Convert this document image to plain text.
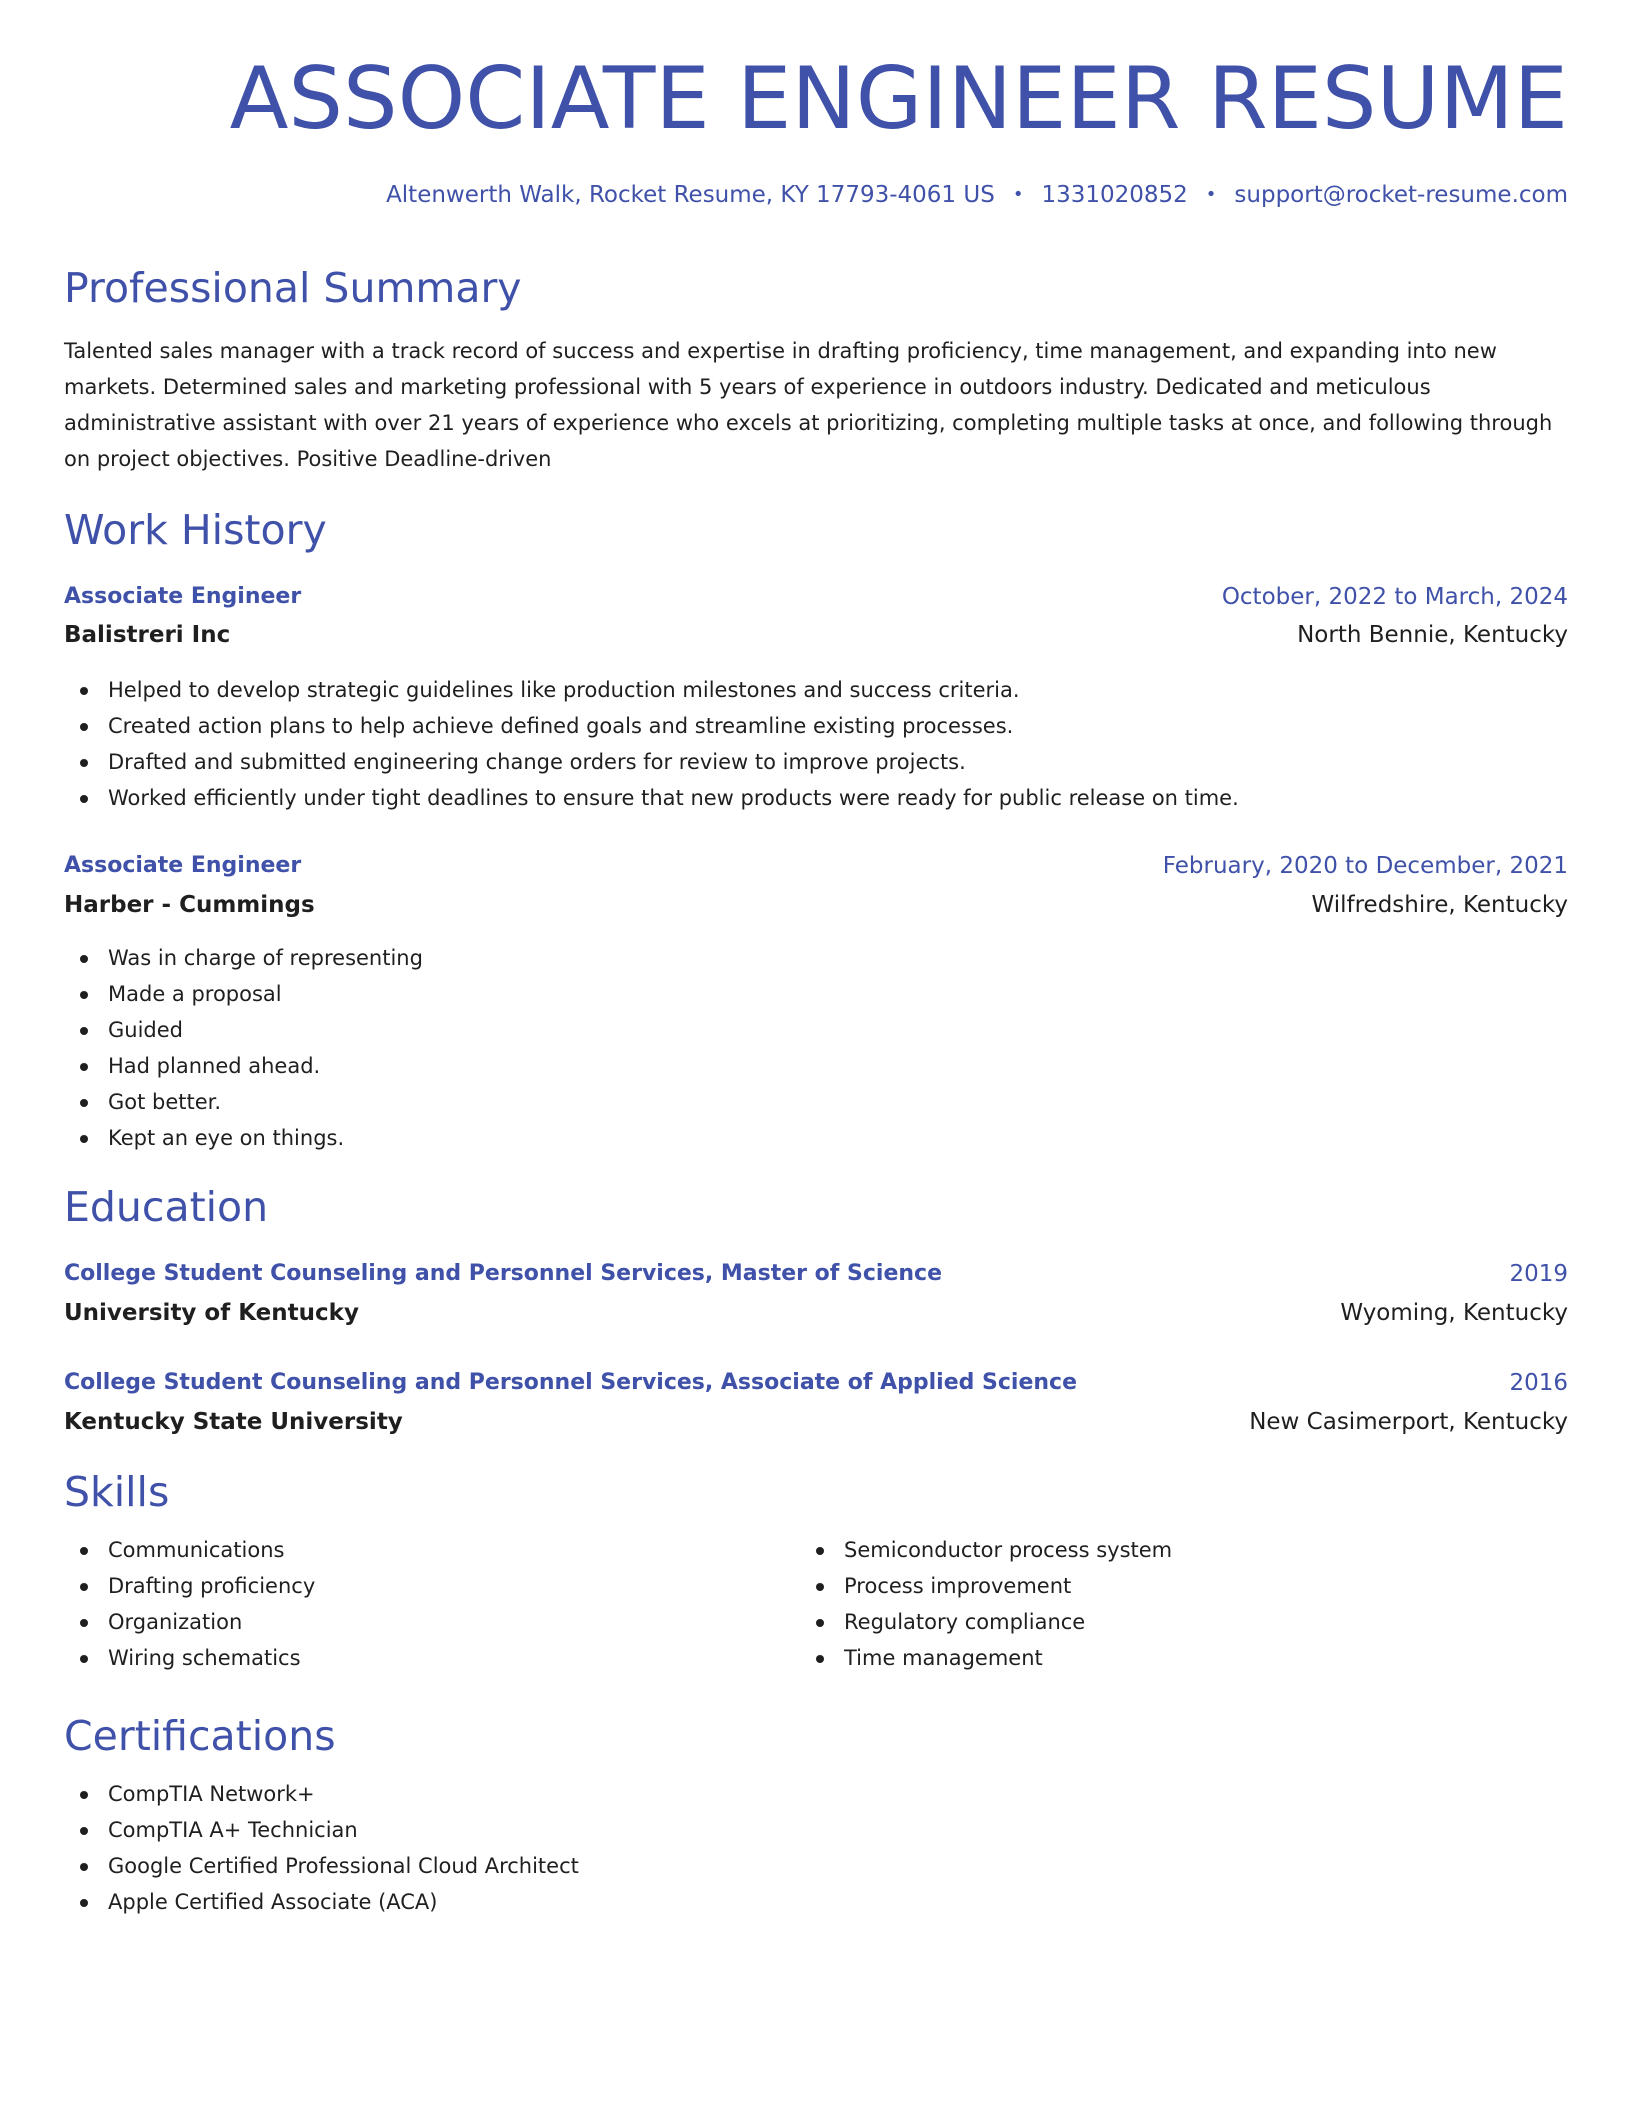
ASSOCIATE ENGINEER RESUME
Altenwerth Walk, Rocket Resume, KY 17793-4061 US • 1331020852 • support@rocket-resume.com
Professional Summary
Talented sales manager with a track record of success and expertise in drafting proficiency, time management, and expanding into new markets. Determined sales and marketing professional with 5 years of experience in outdoors industry. Dedicated and meticulous administrative assistant with over 21 years of experience who excels at prioritizing, completing multiple tasks at once, and following through on project objectives. Positive Deadline-driven
Work History
Associate Engineer	October, 2022 to March, 2024
Balistreri Inc	North Bennie, Kentucky
Helped to develop strategic guidelines like production milestones and success criteria.
Created action plans to help achieve defined goals and streamline existing processes.
Drafted and submitted engineering change orders for review to improve projects.
Worked efficiently under tight deadlines to ensure that new products were ready for public release on time.
Associate Engineer	February, 2020 to December, 2021
Harber - Cummings	Wilfredshire, Kentucky
Was in charge of representing
Made a proposal
Guided
Had planned ahead.
Got better.
Kept an eye on things.
Education
College Student Counseling and Personnel Services, Master of Science	2019
University of Kentucky	Wyoming, Kentucky
College Student Counseling and Personnel Services, Associate of Applied Science	2016
Kentucky State University	New Casimerport, Kentucky
Skills
Communications
Drafting proficiency
Organization
Wiring schematics
Semiconductor process system
Process improvement
Regulatory compliance
Time management
Certifications
CompTIA Network+
CompTIA A+ Technician
Google Certified Professional Cloud Architect
Apple Certified Associate (ACA)
